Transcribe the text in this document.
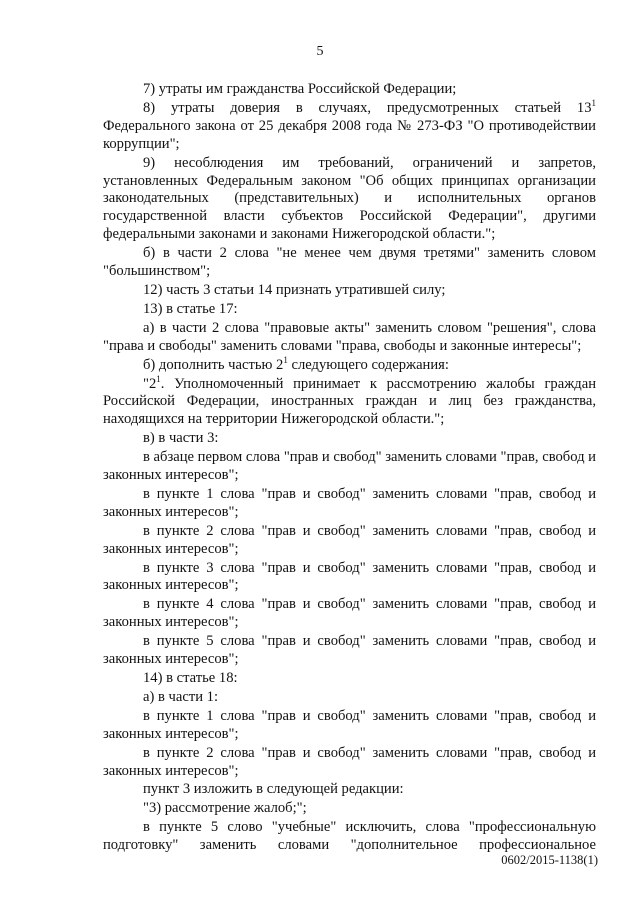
5

7) утраты им гражданства Российской Федерации;

8) утраты доверия в случаях, предусмотренных статьей $13^1$ Федерального закона от 25 декабря 2008 года № 273-ФЗ "О противодействии коррупции";

9) несоблюдения им требований, ограничений и запретов, установленных Федеральным законом "Об общих принципах организации законодательных (представительных) и исполнительных органов государственной власти субъектов Российской Федерации", другими федеральными законами и законами Нижегородской области.";

б) в части 2 слова "не менее чем двумя третями" заменить словом "большинством";

12) часть 3 статьи 14 признать утратившей силу;

13) в статье 17:

а) в части 2 слова "правовые акты" заменить словом "решения", слова "права и свободы" заменить словами "права, свободы и законные интересы";

б) дополнить частью $2^1$ следующего содержания:

"$2^1$. Уполномоченный принимает к рассмотрению жалобы граждан Российской Федерации, иностранных граждан и лиц без гражданства, находящихся на территории Нижегородской области.";

в) в части 3:

в абзаце первом слова "прав и свобод" заменить словами "прав, свобод и законных интересов";

в пункте 1 слова "прав и свобод" заменить словами "прав, свобод и законных интересов";

в пункте 2 слова "прав и свобод" заменить словами "прав, свобод и законных интересов";

в пункте 3 слова "прав и свобод" заменить словами "прав, свобод и законных интересов";

в пункте 4 слова "прав и свобод" заменить словами "прав, свобод и законных интересов";

в пункте 5 слова "прав и свобод" заменить словами "прав, свобод и законных интересов";

14) в статье 18:

а) в части 1:

в пункте 1 слова "прав и свобод" заменить словами "прав, свобод и законных интересов";

в пункте 2 слова "прав и свобод" заменить словами "прав, свобод и законных интересов";

пункт 3 изложить в следующей редакции:

"3) рассмотрение жалоб;";

в пункте 5 слово "учебные" исключить, слова "профессиональную подготовку" заменить словами "дополнительное профессиональное

0602/2015-1138(1)
